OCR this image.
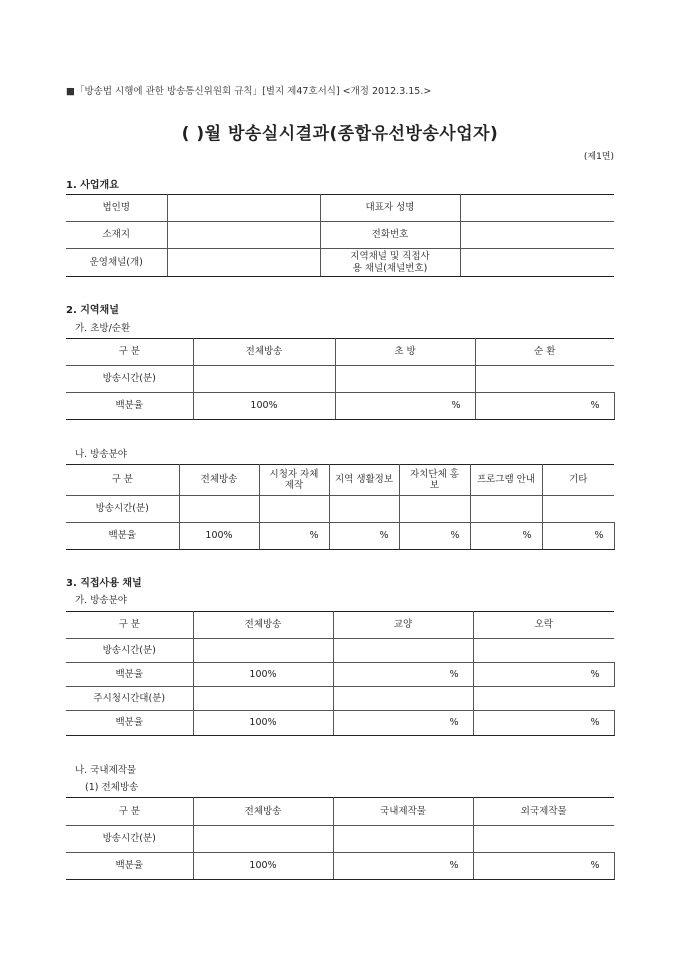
■「방송법 시행에 관한 방송통신위원회 규칙」[별지 제47호서식] <개정 2012.3.15.>
( )월 방송실시결과(종합유선방송사업자)
(제1면)
1. 사업개요
법인명		대표자 성명	
소재지		전화번호	
운영채널(개)		지역채널 및 직접사용 채널(채널번호)	
2. 지역채널
가. 초방/순환
구 분	전체방송	초 방	순 환
방송시간(분)			
백분율	100%	%	%
나. 방송분야
구 분	전체방송	시청자 자체제작	지역 생활정보	자치단체 홍보	프로그램 안내	기타
방송시간(분)						
백분율	100%	%	%	%	%	%
3. 직접사용 채널
가. 방송분야
구 분	전체방송	교양	오락
방송시간(분)			
백분율	100%	%	%
주시청시간대(분)			
백분율	100%	%	%
나. 국내제작물
(1) 전체방송
구 분	전체방송	국내제작물	외국제작물
방송시간(분)			
백분율	100%	%	%
